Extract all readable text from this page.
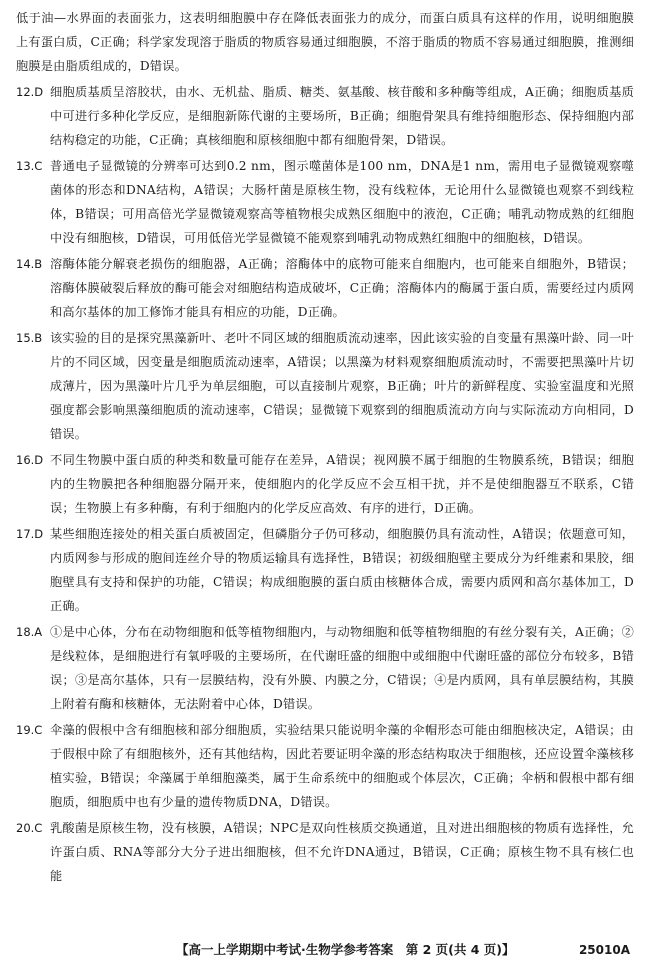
低于油—水界面的表面张力，这表明细胞膜中存在降低表面张力的成分，而蛋白质具有这样的作用，说明细胞膜上有蛋白质，C正确；科学家发现溶于脂质的物质容易通过细胞膜，不溶于脂质的物质不容易通过细胞膜，推测细胞膜是由脂质组成的，D错误。
12.D 细胞质基质呈溶胶状，由水、无机盐、脂质、糖类、氨基酸、核苷酸和多种酶等组成，A正确；细胞质基质中可进行多种化学反应，是细胞新陈代谢的主要场所，B正确；细胞骨架具有维持细胞形态、保持细胞内部结构稳定的功能，C正确；真核细胞和原核细胞中都有细胞骨架，D错误。
13.C 普通电子显微镜的分辨率可达到0.2 nm，图示噬菌体是100 nm，DNA是1 nm，需用电子显微镜观察噬菌体的形态和DNA结构，A错误；大肠杆菌是原核生物，没有线粒体，无论用什么显微镜也观察不到线粒体，B错误；可用高倍光学显微镜观察高等植物根尖成熟区细胞中的液泡，C正确；哺乳动物成熟的红细胞中没有细胞核，D错误，可用低倍光学显微镜不能观察到哺乳动物成熟红细胞中的细胞核，D错误。
14.B 溶酶体能分解衰老损伤的细胞器，A正确；溶酶体中的底物可能来自细胞内，也可能来自细胞外，B错误；溶酶体膜破裂后释放的酶可能会对细胞结构造成破坏，C正确；溶酶体内的酶属于蛋白质，需要经过内质网和高尔基体的加工修饰才能具有相应的功能，D正确。
15.B 该实验的目的是探究黑藻新叶、老叶不同区域的细胞质流动速率，因此该实验的自变量有黑藻叶龄、同一叶片的不同区域，因变量是细胞质流动速率，A错误；以黑藻为材料观察细胞质流动时，不需要把黑藻叶片切成薄片，因为黑藻叶片几乎为单层细胞，可以直接制片观察，B正确；叶片的新鲜程度、实验室温度和光照强度都会影响黑藻细胞质的流动速率，C错误；显微镜下观察到的细胞质流动方向与实际流动方向相同，D错误。
16.D 不同生物膜中蛋白质的种类和数量可能存在差异，A错误；视网膜不属于细胞的生物膜系统，B错误；细胞内的生物膜把各种细胞器分隔开来，使细胞内的化学反应不会互相干扰，并不是使细胞器互不联系，C错误；生物膜上有多种酶，有利于细胞内的化学反应高效、有序的进行，D正确。
17.D 某些细胞连接处的相关蛋白质被固定，但磷脂分子仍可移动，细胞膜仍具有流动性，A错误；依题意可知，内质网参与形成的胞间连丝介导的物质运输具有选择性，B错误；初级细胞壁主要成分为纤维素和果胶，细胞壁具有支持和保护的功能，C错误；构成细胞膜的蛋白质由核糖体合成，需要内质网和高尔基体加工，D正确。
18.A ①是中心体，分布在动物细胞和低等植物细胞内，与动物细胞和低等植物细胞的有丝分裂有关，A正确；②是线粒体，是细胞进行有氧呼吸的主要场所，在代谢旺盛的细胞中或细胞中代谢旺盛的部位分布较多，B错误；③是高尔基体，只有一层膜结构，没有外膜、内膜之分，C错误；④是内质网，具有单层膜结构，其膜上附着有酶和核糖体，无法附着中心体，D错误。
19.C 伞藻的假根中含有细胞核和部分细胞质，实验结果只能说明伞藻的伞帽形态可能由细胞核决定，A错误；由于假根中除了有细胞核外，还有其他结构，因此若要证明伞藻的形态结构取决于细胞核，还应设置伞藻核移植实验，B错误；伞藻属于单细胞藻类，属于生命系统中的细胞或个体层次，C正确；伞柄和假根中都有细胞质，细胞质中也有少量的遗传物质DNA，D错误。
20.C 乳酸菌是原核生物，没有核膜，A错误；NPC是双向性核质交换通道，且对进出细胞核的物质有选择性，允许蛋白质、RNA等部分大分子进出细胞核，但不允许DNA通过，B错误，C正确；原核生物不具有核仁也能
【高一上学期期中考试·生物学参考答案　第 2 页(共 4 页)】	25010A
